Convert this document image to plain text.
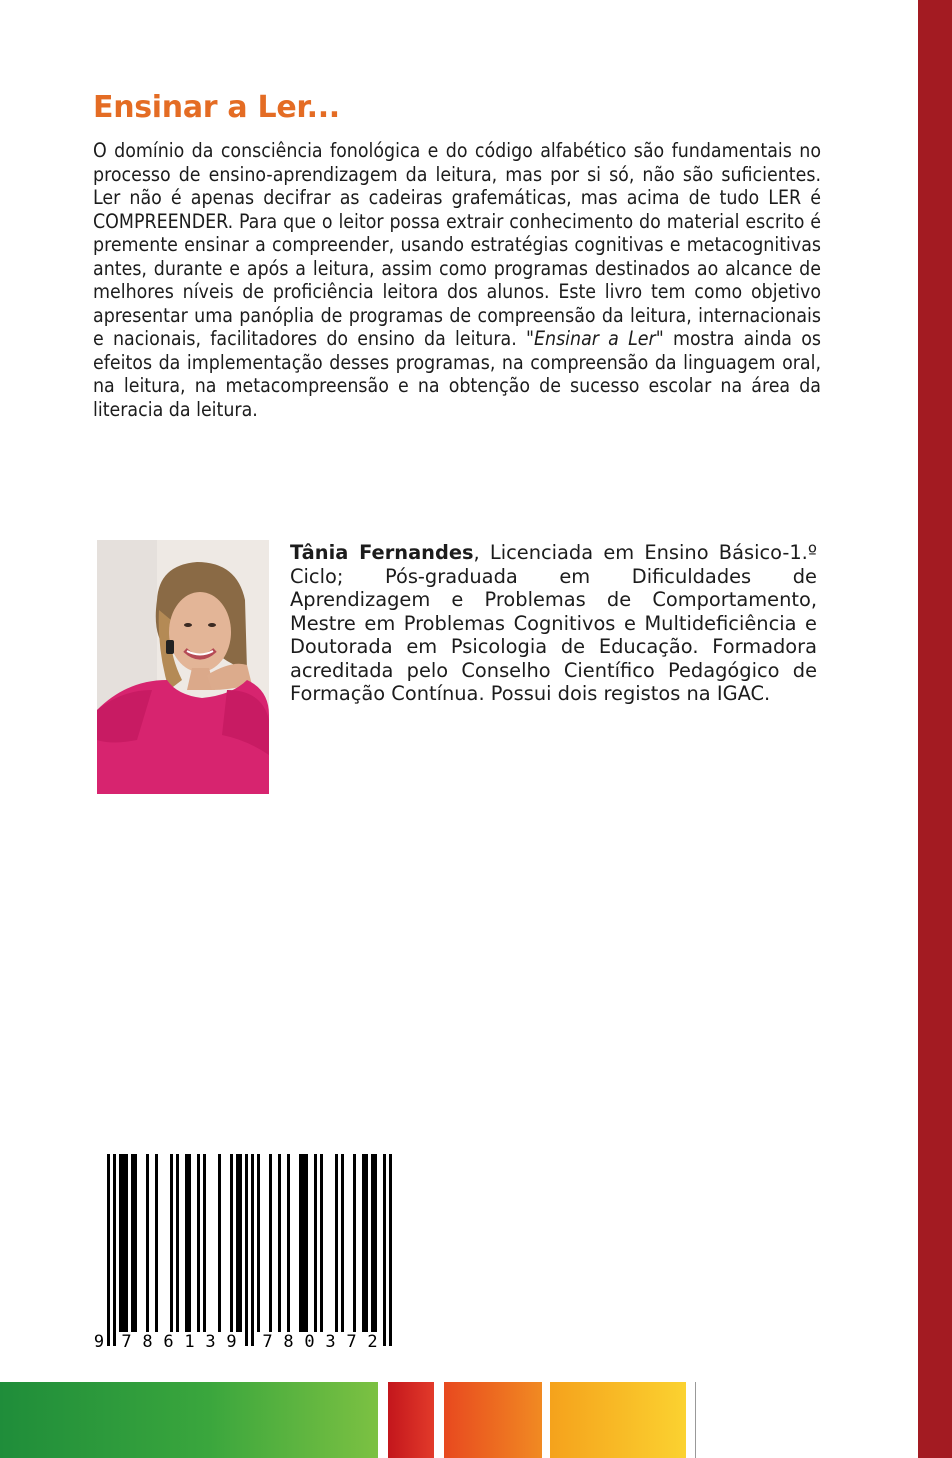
Ensinar a Ler...

O domínio da consciência fonológica e do código alfabético são fundamentais no processo de ensino-aprendizagem da leitura, mas por si só, não são suficientes. Ler não é apenas decifrar as cadeiras grafemáticas, mas acima de tudo LER é COMPREENDER. Para que o leitor possa extrair conhecimento do material escrito é premente ensinar a compreender, usando estratégias cognitivas e metacognitivas antes, durante e após a leitura, assim como programas destinados ao alcance de melhores níveis de proficiência leitora dos alunos. Este livro tem como objetivo apresentar uma panóplia de programas de compreensão da leitura, internacionais e nacionais, facilitadores do ensino da leitura. "Ensinar a Ler" mostra ainda os efeitos da implementação desses programas, na compreensão da linguagem oral, na leitura, na metacompreensão e na obtenção de sucesso escolar na área da literacia da leitura.

Tânia Fernandes, Licenciada em Ensino Básico-1.º Ciclo; Pós-graduada em Dificuldades de Aprendizagem e Problemas de Comportamento, Mestre em Problemas Cognitivos e Multideficiência e Doutorada em Psicologia de Educação. Formadora acreditada pelo Conselho Científico Pedagógico de Formação Contínua. Possui dois registos na IGAC.

9 7 8 6 1 3 9 7 8 0 3 7 2
